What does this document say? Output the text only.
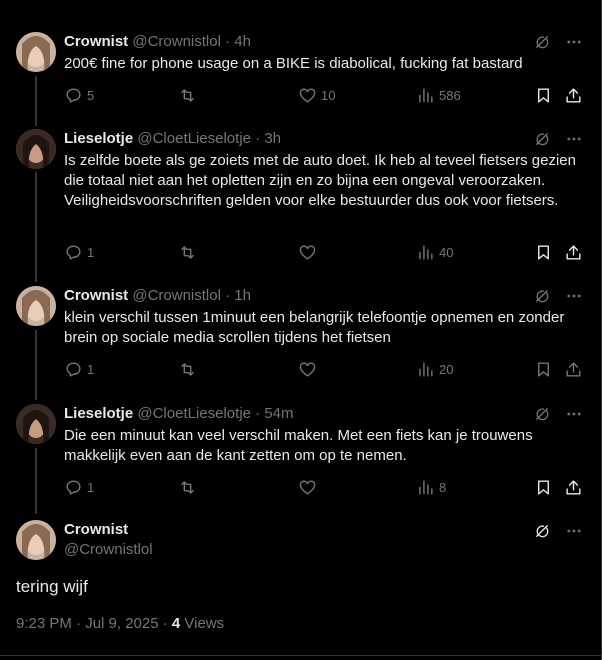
Crownist @Crownistlol · 4h
200€ fine for phone usage on a BIKE is diabolical, fucking fat bastard
5	10	586
Lieselotje @CloetLieselotje · 3h
Is zelfde boete als ge zoiets met de auto doet. Ik heb al teveel fietsers gezien die totaal niet aan het opletten zijn en zo bijna een ongeval veroorzaken. Veiligheidsvoorschriften gelden voor elke bestuurder dus ook voor fietsers.
1	40
Crownist @Crownistlol · 1h
klein verschil tussen 1minuut een belangrijk telefoontje opnemen en zonder brein op sociale media scrollen tijdens het fietsen
1	20
Lieselotje @CloetLieselotje · 54m
Die een minuut kan veel verschil maken. Met een fiets kan je trouwens makkelijk even aan de kant zetten om op te nemen.
1	8
Crownist
@Crownistlol
tering wijf
9:23 PM · Jul 9, 2025 · 4 Views
